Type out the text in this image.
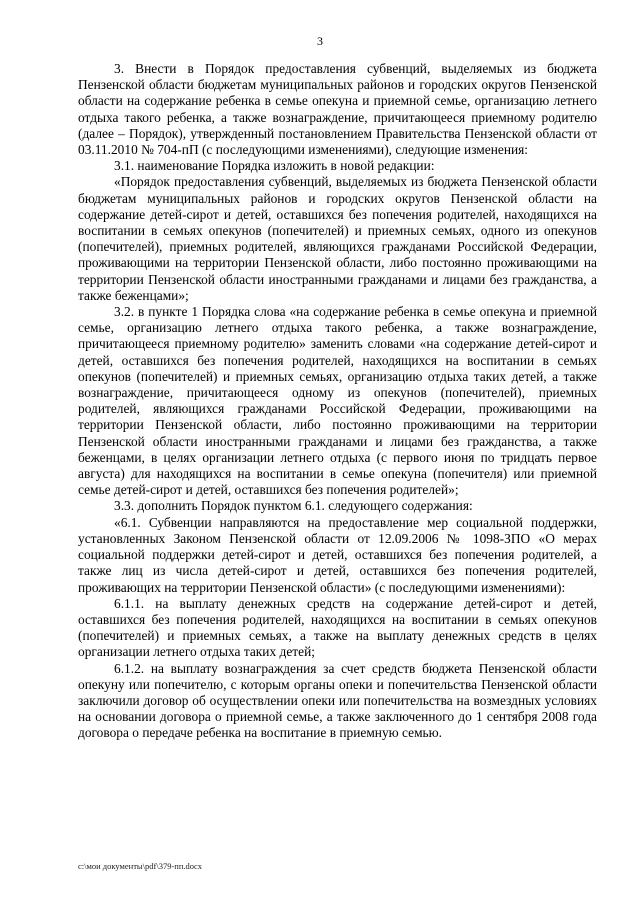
3

3. Внести в Порядок предоставления субвенций, выделяемых из бюджета Пензенской области бюджетам муниципальных районов и городских округов Пензенской области на содержание ребенка в семье опекуна и приемной семье, организацию летнего отдыха такого ребенка, а также вознаграждение, причитающееся приемному родителю (далее – Порядок), утвержденный постановлением Правительства Пензенской области от 03.11.2010 № 704-пП (с последующими изменениями), следующие изменения:

3.1. наименование Порядка изложить в новой редакции:

«Порядок предоставления субвенций, выделяемых из бюджета Пензенской области бюджетам муниципальных районов и городских округов Пензенской области на содержание детей-сирот и детей, оставшихся без попечения родителей, находящихся на воспитании в семьях опекунов (попечителей) и приемных семьях, одного из опекунов (попечителей), приемных родителей, являющихся гражданами Российской Федерации, проживающими на территории Пензенской области, либо постоянно проживающими на территории Пензенской области иностранными гражданами и лицами без гражданства, а также беженцами»;

3.2. в пункте 1 Порядка слова «на содержание ребенка в семье опекуна и приемной семье, организацию летнего отдыха такого ребенка, а также вознаграждение, причитающееся приемному родителю» заменить словами «на содержание детей-сирот и детей, оставшихся без попечения родителей, находящихся на воспитании в семьях опекунов (попечителей) и приемных семьях, организацию отдыха таких детей, а также вознаграждение, причитающееся одному из опекунов (попечителей), приемных родителей, являющихся гражданами Российской Федерации, проживающими на территории Пензенской области, либо постоянно проживающими на территории Пензенской области иностранными гражданами и лицами без гражданства, а также беженцами, в целях организации летнего отдыха (с первого июня по тридцать первое августа) для находящихся на воспитании в семье опекуна (попечителя) или приемной семье детей-сирот и детей, оставшихся без попечения родителей»;

3.3. дополнить Порядок пунктом 6.1. следующего содержания:

«6.1. Субвенции направляются на предоставление мер социальной поддержки, установленных Законом Пензенской области от 12.09.2006 № 1098-ЗПО «О мерах социальной поддержки детей-сирот и детей, оставшихся без попечения родителей, а также лиц из числа детей-сирот и детей, оставшихся без попечения родителей, проживающих на территории Пензенской области» (с последующими изменениями):

6.1.1. на выплату денежных средств на содержание детей-сирот и детей, оставшихся без попечения родителей, находящихся на воспитании в семьях опекунов (попечителей) и приемных семьях, а также на выплату денежных средств в целях организации летнего отдыха таких детей;

6.1.2. на выплату вознаграждения за счет средств бюджета Пензенской области опекуну или попечителю, с которым органы опеки и попечительства Пензенской области заключили договор об осуществлении опеки или попечительства на возмездных условиях на основании договора о приемной семье, а также заключенного до 1 сентября 2008 года договора о передаче ребенка на воспитание в приемную семью.

c:\мои документы\pdf\379-пп.docx
